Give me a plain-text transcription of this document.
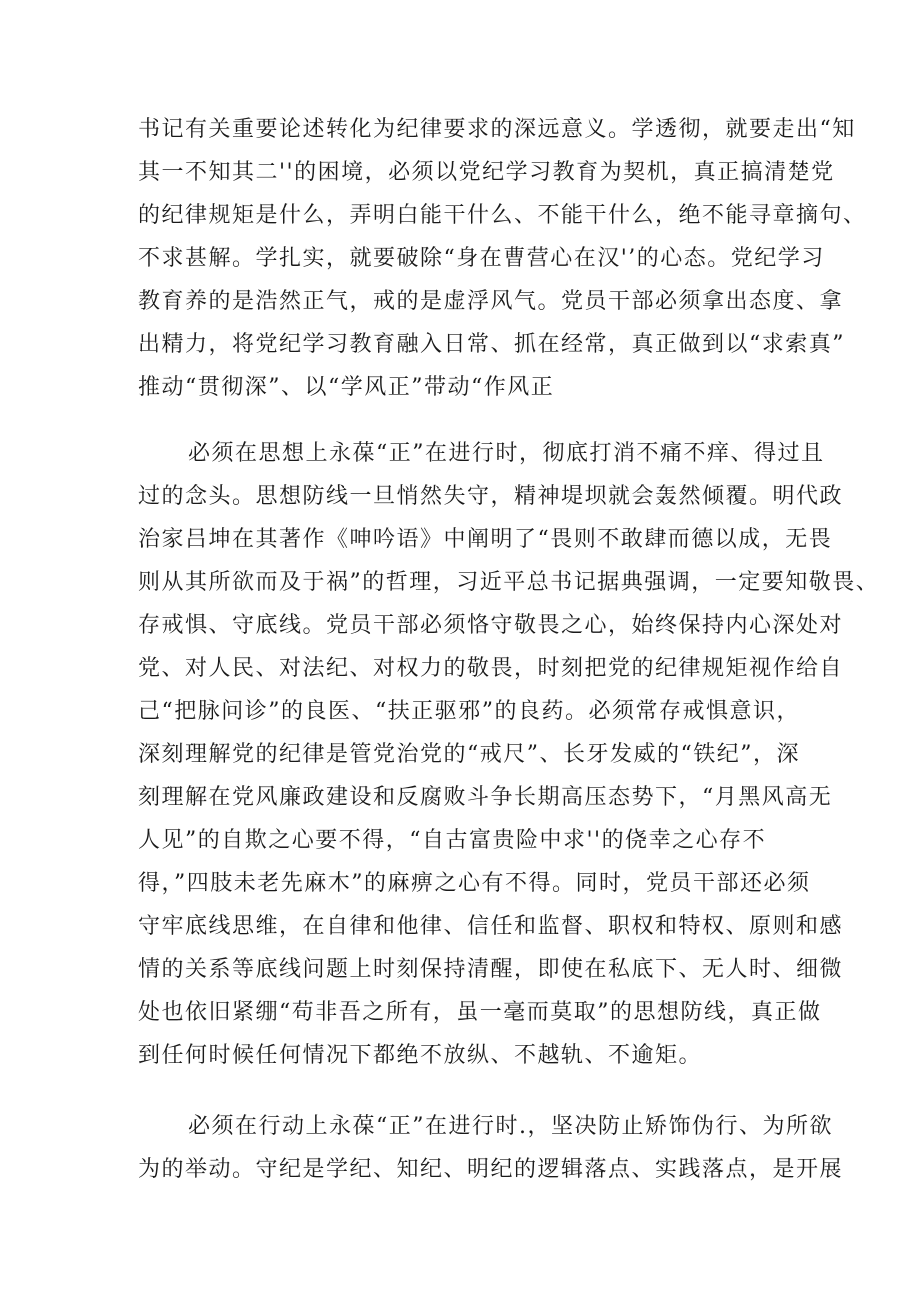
书记有关重要论述转化为纪律要求的深远意义。学透彻，就要走出“知

其一不知其二''的困境，必须以党纪学习教育为契机，真正搞清楚党

的纪律规矩是什么，弄明白能干什么、不能干什么，绝不能寻章摘句、

不求甚解。学扎实，就要破除“身在曹营心在汉'’的心态。党纪学习

教育养的是浩然正气，戒的是虚浮风气。党员干部必须拿出态度、拿

出精力，将党纪学习教育融入日常、抓在经常，真正做到以“求索真”

推动“贯彻深”、以“学风正”带动“作风正

必须在思想上永葆“正”在进行时，彻底打消不痛不痒、得过且

过的念头。思想防线一旦悄然失守，精神堤坝就会轰然倾覆。明代政

治家吕坤在其著作《呻吟语》中阐明了“畏则不敢肆而德以成，无畏

则从其所欲而及于祸”的哲理，习近平总书记据典强调，一定要知敬畏、

存戒惧、守底线。党员干部必须恪守敬畏之心，始终保持内心深处对

党、对人民、对法纪、对权力的敬畏，时刻把党的纪律规矩视作给自

己“把脉问诊”的良医、“扶正驱邪”的良药。必须常存戒惧意识，

深刻理解党的纪律是管党治党的“戒尺”、长牙发威的“铁纪”，深

刻理解在党风廉政建设和反腐败斗争长期高压态势下，“月黑风高无

人见”的自欺之心要不得，“自古富贵险中求''的侥幸之心存不

得，”四肢未老先麻木”的麻痹之心有不得。同时，党员干部还必须

守牢底线思维，在自律和他律、信任和监督、职权和特权、原则和感

情的关系等底线问题上时刻保持清醒，即使在私底下、无人时、细微

处也依旧紧绷“苟非吾之所有，虽一毫而莫取”的思想防线，真正做

到任何时候任何情况下都绝不放纵、不越轨、不逾矩。

必须在行动上永葆“正”在进行时.，坚决防止矫饰伪行、为所欲

为的举动。守纪是学纪、知纪、明纪的逻辑落点、实践落点，是开展
